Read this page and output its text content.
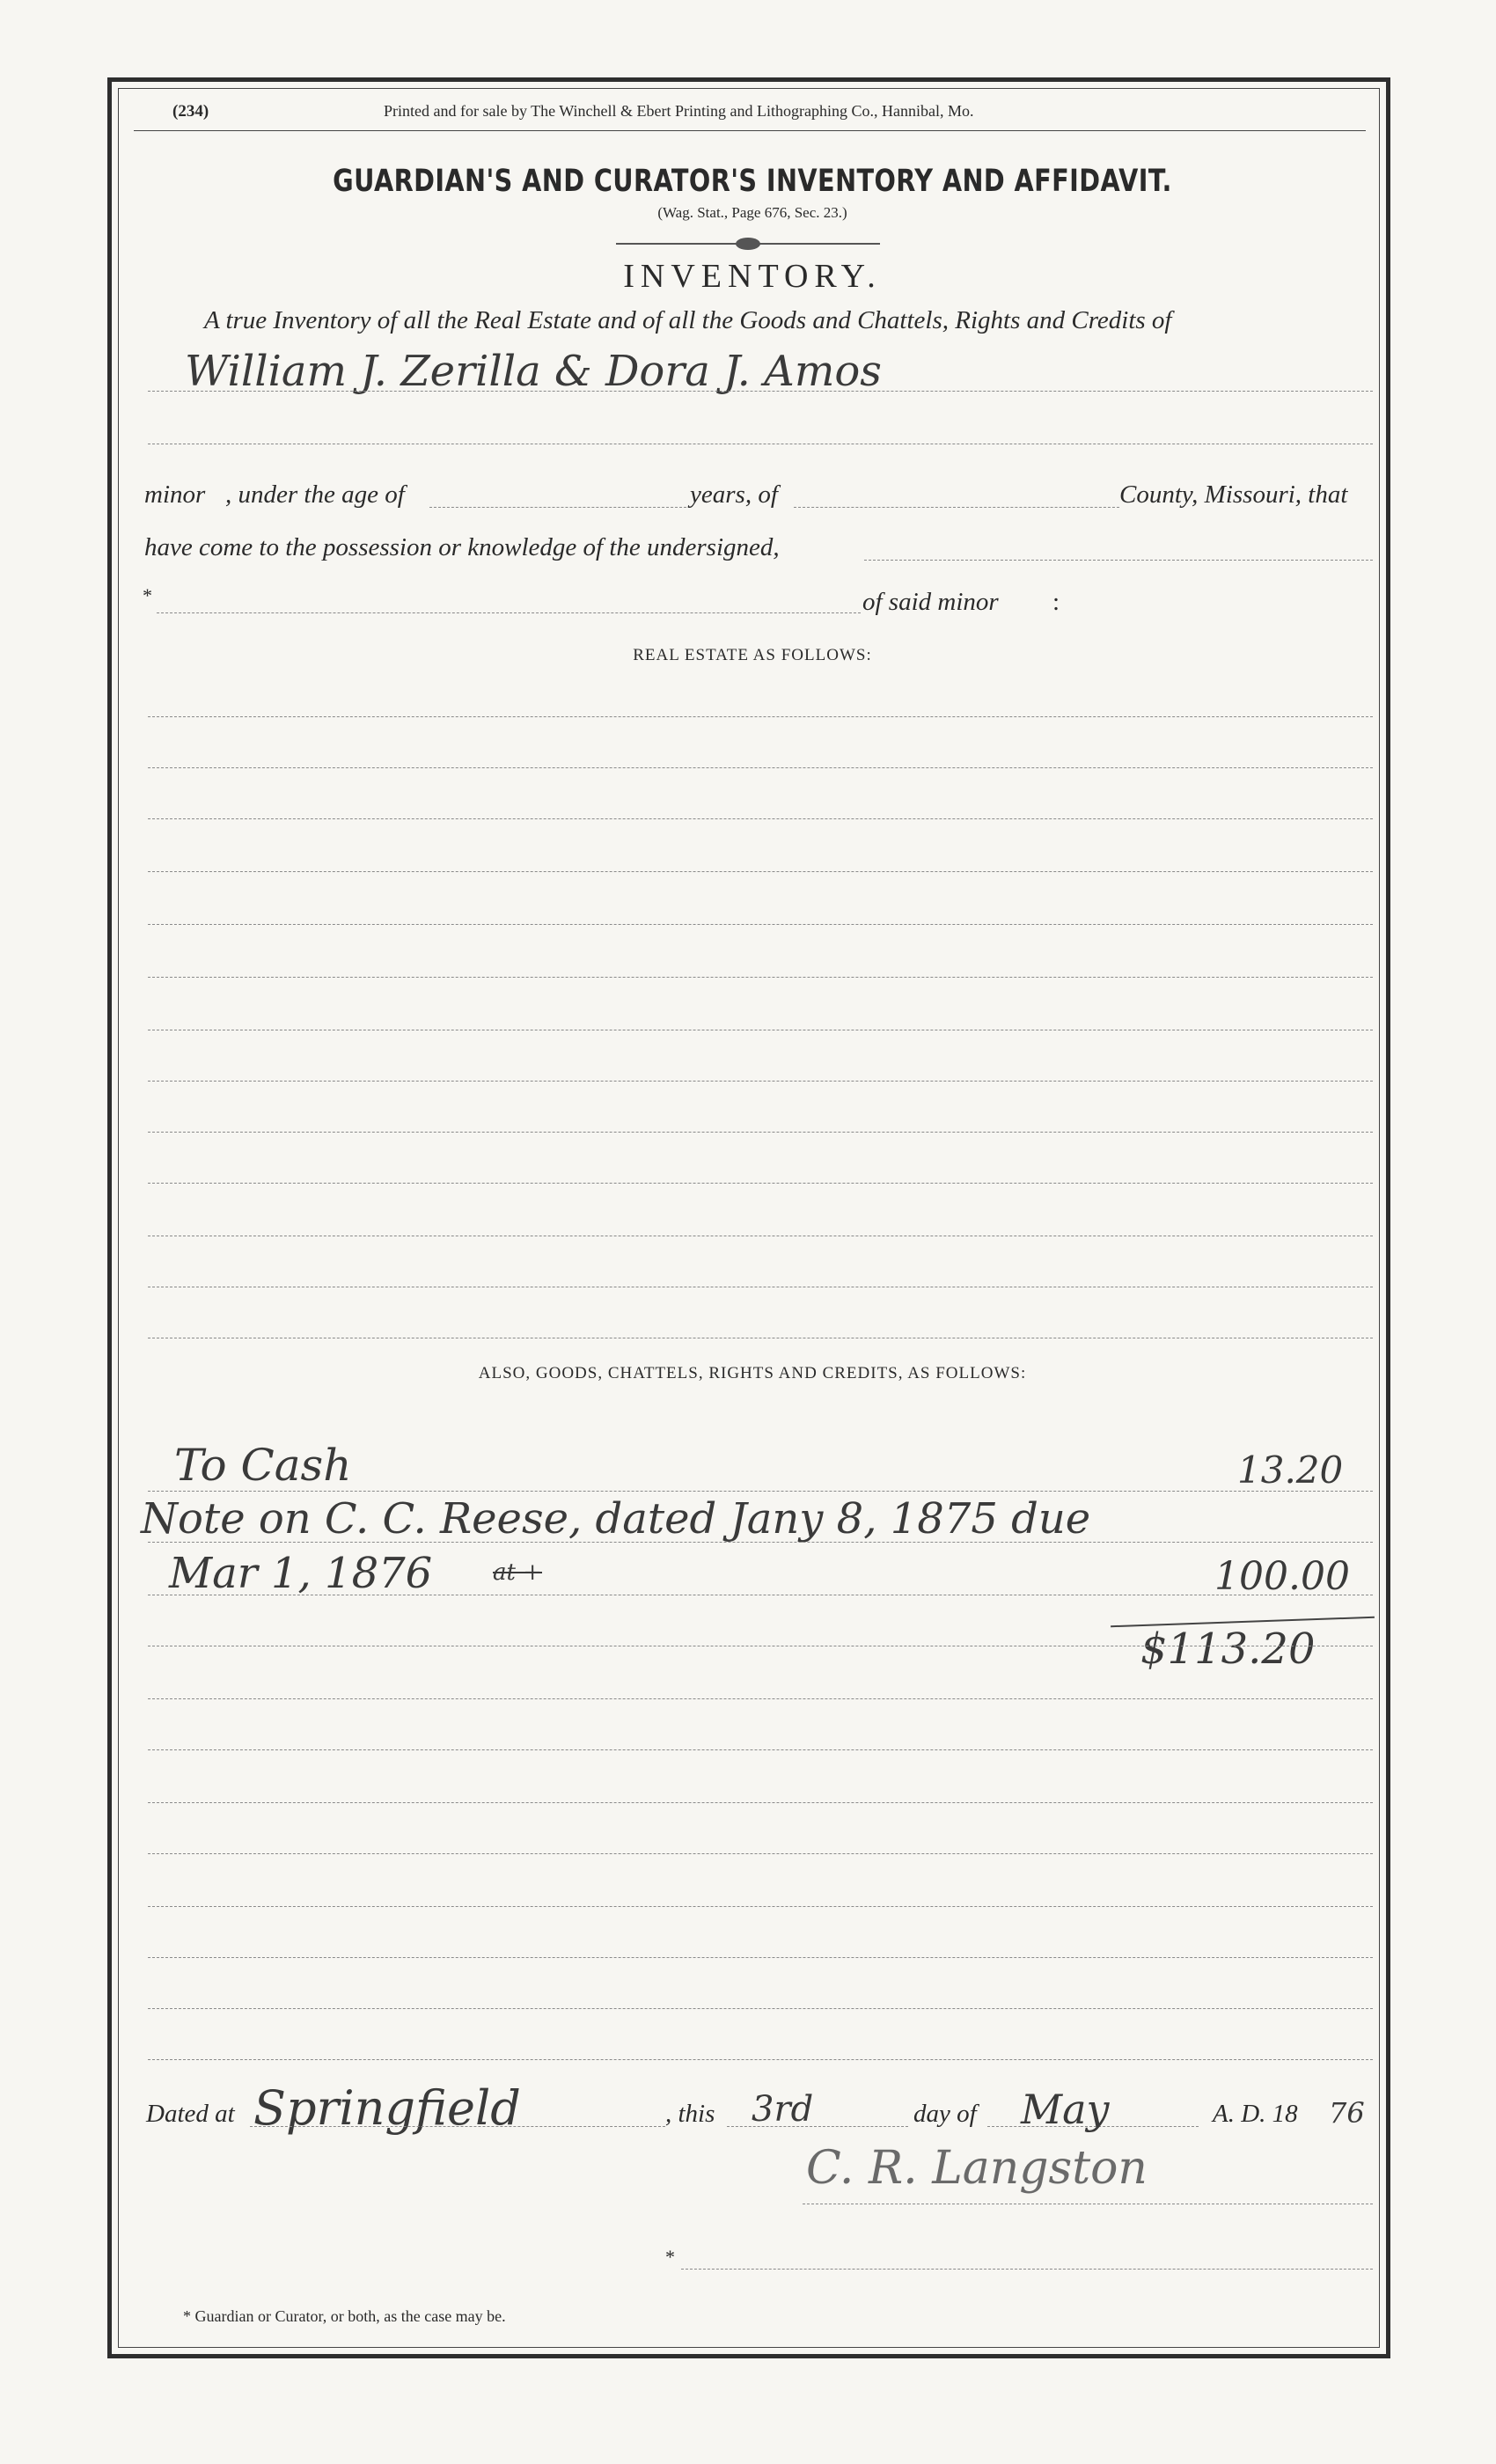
(234)	Printed and for sale by The Winchell & Ebert Printing and Lithographing Co., Hannibal, Mo.
GUARDIAN'S AND CURATOR'S INVENTORY AND AFFIDAVIT.
(Wag. Stat., Page 676, Sec. 23.)
INVENTORY.
A true Inventory of all the Real Estate and of all the Goods and Chattels, Rights and Credits of
William J. Zerilla & Dora J. Amos
minor , under the age of	years, of	County, Missouri, that
have come to the possession or knowledge of the undersigned,
*	of said minor :
REAL ESTATE AS FOLLOWS:
ALSO, GOODS, CHATTELS, RIGHTS AND CREDITS, AS FOLLOWS:
To Cash	13.20
Note on C. C. Reese, dated Jany 8, 1875 due
Mar 1, 1876	at +	100.00
$113.20
Dated at Springfield	, this 3rd	day of May	A. D. 18 76
C. R. Langston
*
* Guardian or Curator, or both, as the case may be.
